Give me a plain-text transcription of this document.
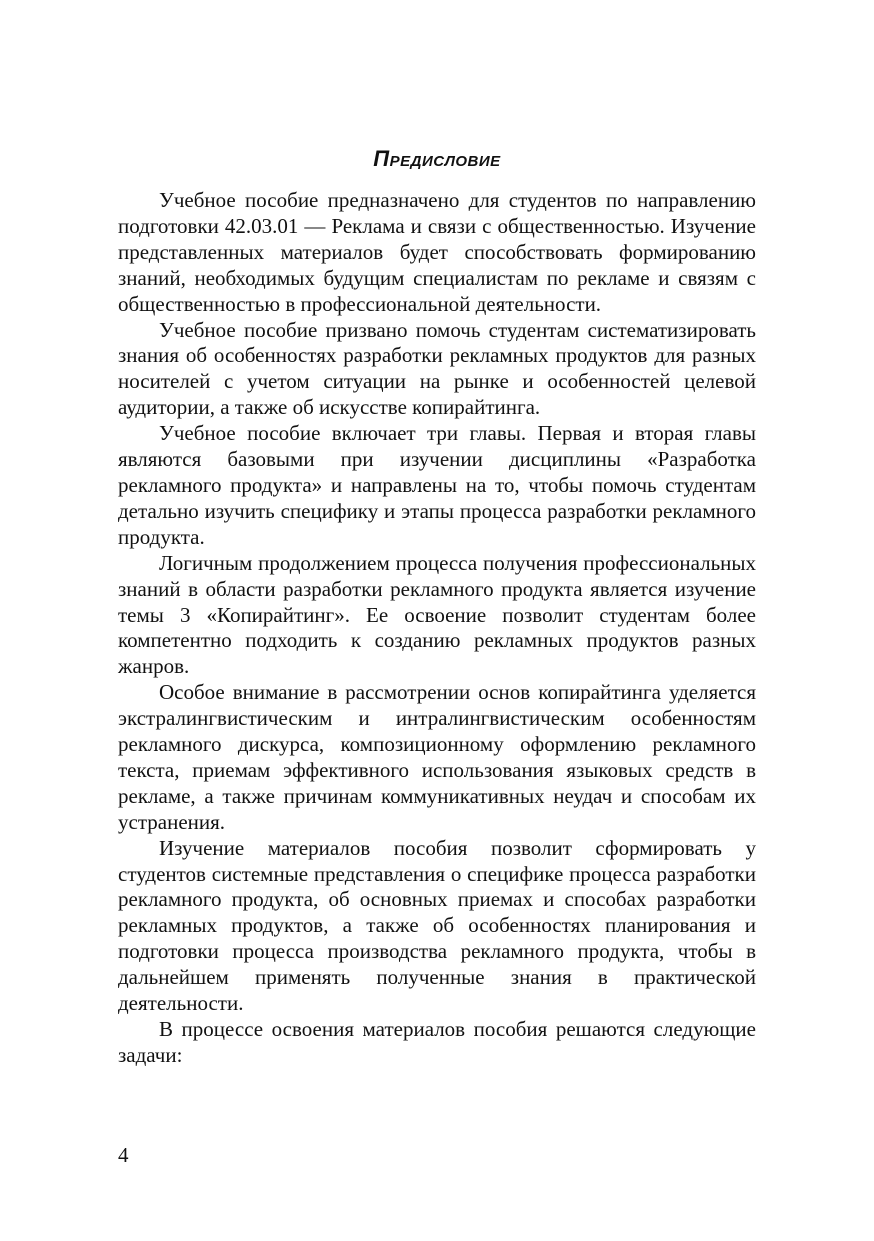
Предисловие

Учебное пособие предназначено для студентов по направлению подготовки 42.03.01 — Реклама и связи с общественностью. Изучение представленных материалов будет способствовать формированию знаний, необходимых будущим специалистам по рекламе и связям с общественностью в профессиональной деятельности.

Учебное пособие призвано помочь студентам систематизировать знания об особенностях разработки рекламных продуктов для разных носителей с учетом ситуации на рынке и особенностей целевой аудитории, а также об искусстве копирайтинга.

Учебное пособие включает три главы. Первая и вторая главы являются базовыми при изучении дисциплины «Разработка рекламного продукта» и направлены на то, чтобы помочь студентам детально изучить специфику и этапы процесса разработки рекламного продукта.

Логичным продолжением процесса получения профессиональных знаний в области разработки рекламного продукта является изучение темы 3 «Копирайтинг». Ее освоение позволит студентам более компетентно подходить к созданию рекламных продуктов разных жанров.

Особое внимание в рассмотрении основ копирайтинга уделяется экстралингвистическим и интралингвистическим особенностям рекламного дискурса, композиционному оформлению рекламного текста, приемам эффективного использования языковых средств в рекламе, а также причинам коммуникативных неудач и способам их устранения.

Изучение материалов пособия позволит сформировать у студентов системные представления о специфике процесса разработки рекламного продукта, об основных приемах и способах разработки рекламных продуктов, а также об особенностях планирования и подготовки процесса производства рекламного продукта, чтобы в дальнейшем применять полученные знания в практической деятельности.

В процессе освоения материалов пособия решаются следующие задачи:

4
